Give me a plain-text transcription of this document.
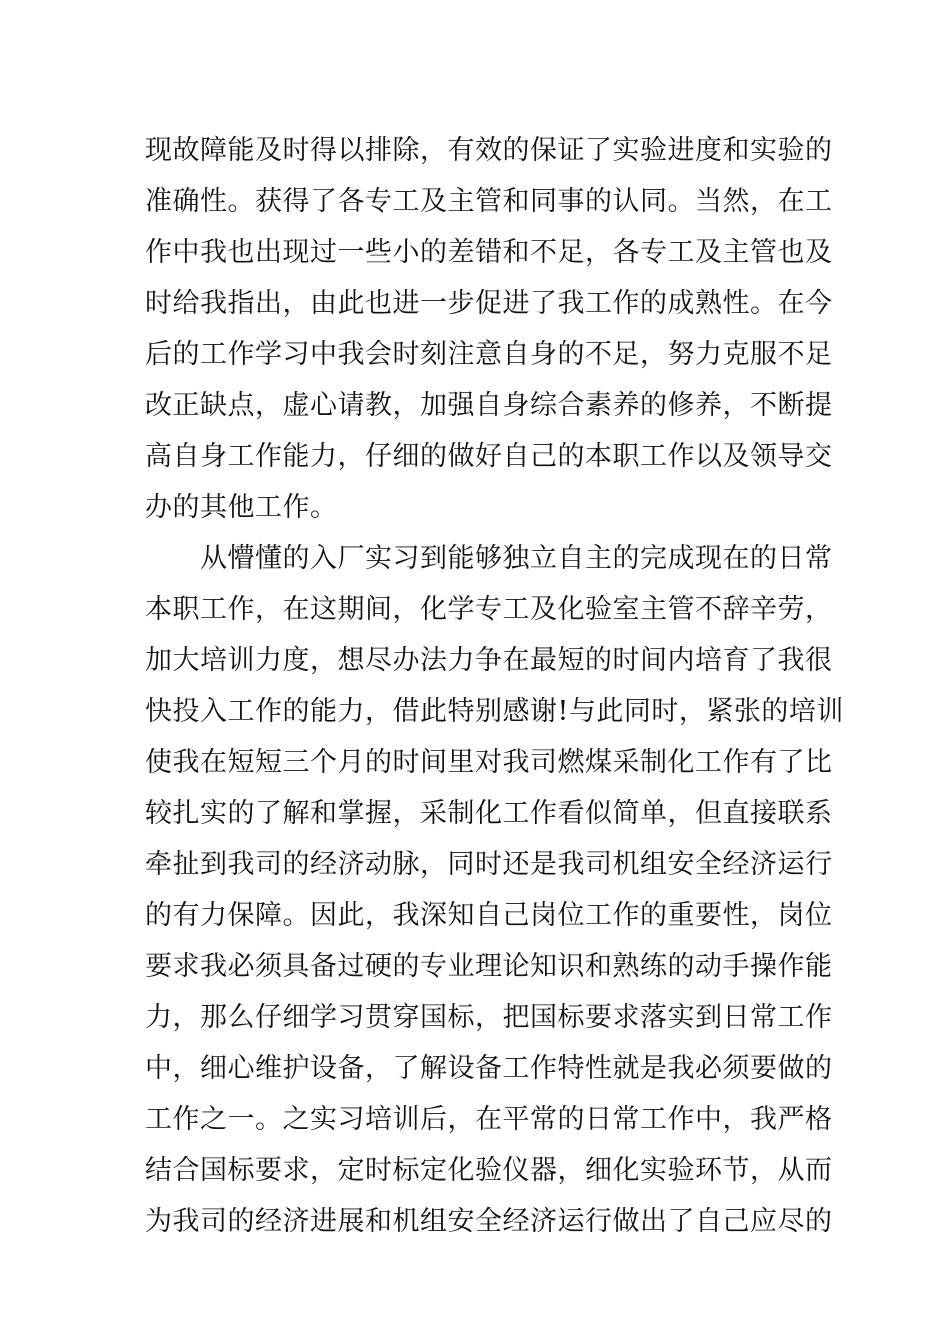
现故障能及时得以排除，有效的保证了实验进度和实验的
准确性。获得了各专工及主管和同事的认同。当然，在工
作中我也出现过一些小的差错和不足，各专工及主管也及
时给我指出，由此也进一步促进了我工作的成熟性。在今
后的工作学习中我会时刻注意自身的不足，努力克服不足
改正缺点，虚心请教，加强自身综合素养的修养，不断提
高自身工作能力，仔细的做好自己的本职工作以及领导交
办的其他工作。
　　从懵懂的入厂实习到能够独立自主的完成现在的日常
本职工作，在这期间，化学专工及化验室主管不辞辛劳，
加大培训力度，想尽办法力争在最短的时间内培育了我很
快投入工作的能力，借此特别感谢!与此同时，紧张的培训
使我在短短三个月的时间里对我司燃煤采制化工作有了比
较扎实的了解和掌握，采制化工作看似简单，但直接联系
牵扯到我司的经济动脉，同时还是我司机组安全经济运行
的有力保障。因此，我深知自己岗位工作的重要性，岗位
要求我必须具备过硬的专业理论知识和熟练的动手操作能
力，那么仔细学习贯穿国标，把国标要求落实到日常工作
中，细心维护设备，了解设备工作特性就是我必须要做的
工作之一。之实习培训后，在平常的日常工作中，我严格
结合国标要求，定时标定化验仪器，细化实验环节，从而
为我司的经济进展和机组安全经济运行做出了自己应尽的
